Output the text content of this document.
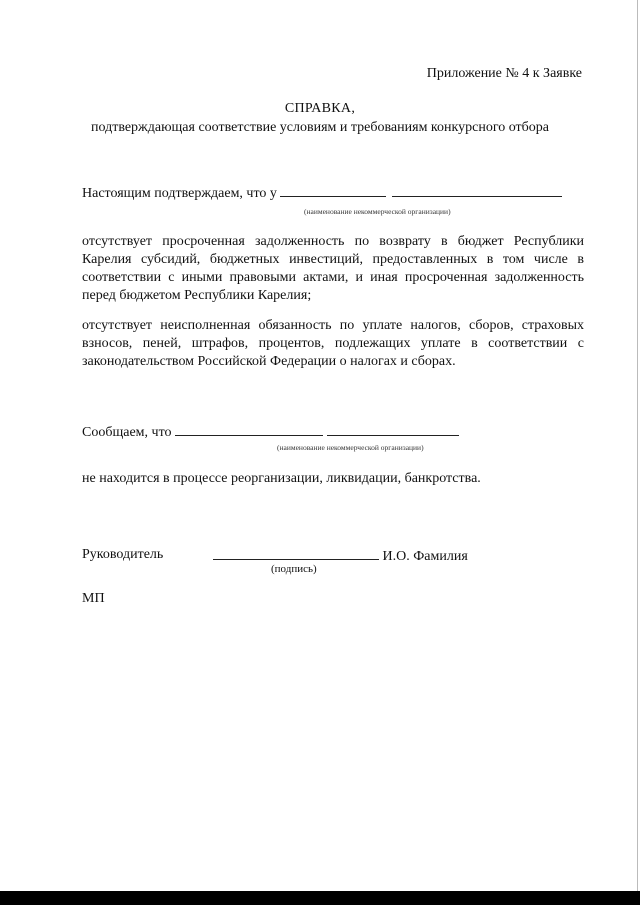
Приложение № 4 к Заявке
СПРАВКА,
подтверждающая соответствие условиям и требованиям конкурсного отбора
Настоящим подтверждаем, что у
(наименование некоммерческой организации)

отсутствует просроченная задолженность по возврату в бюджет Республики Карелия субсидий, бюджетных инвестиций, предоставленных в том числе в соответствии с иными правовыми актами, и иная просроченная задолженность перед бюджетом Республики Карелия;

отсутствует неисполненная обязанность по уплате налогов, сборов, страховых взносов, пеней, штрафов, процентов, подлежащих уплате в соответствии с законодательством Российской Федерации о налогах и сборах.

Сообщаем, что
(наименование некоммерческой организации)
не находится в процессе реорганизации, ликвидации, банкротства.
Руководитель	И.О. Фамилия
(подпись)
МП
